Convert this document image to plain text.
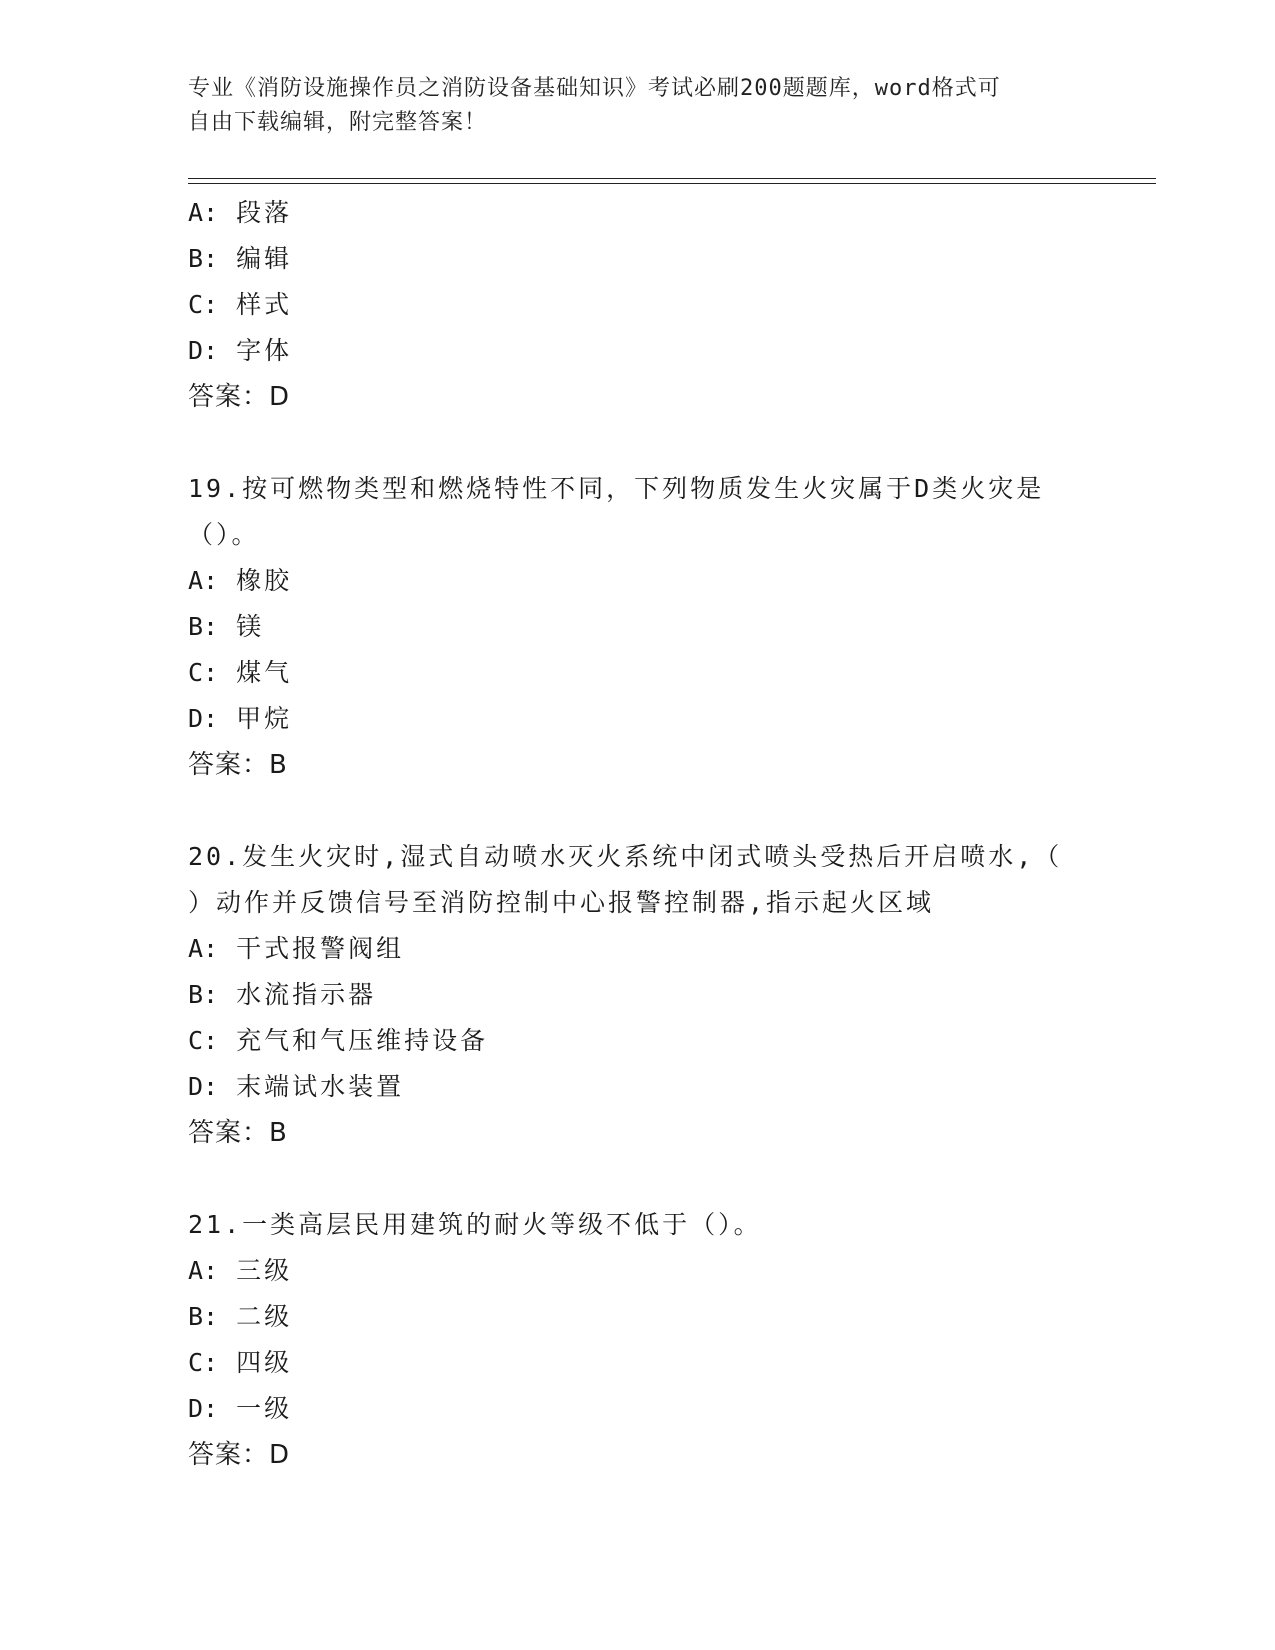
专业《消防设施操作员之消防设备基础知识》考试必刷200题题库，word格式可
自由下载编辑，附完整答案！
A: 段落
B: 编辑
C: 样式
D: 字体
答案：D
19.按可燃物类型和燃烧特性不同，下列物质发生火灾属于D类火灾是
（）。
A: 橡胶
B: 镁
C: 煤气
D: 甲烷
答案：B
20.发生火灾时,湿式自动喷水灭火系统中闭式喷头受热后开启喷水,（
）动作并反馈信号至消防控制中心报警控制器,指示起火区域
A: 干式报警阀组
B: 水流指示器
C: 充气和气压维持设备
D: 末端试水装置
答案：B
21.一类高层民用建筑的耐火等级不低于（）。
A: 三级
B: 二级
C: 四级
D: 一级
答案：D
